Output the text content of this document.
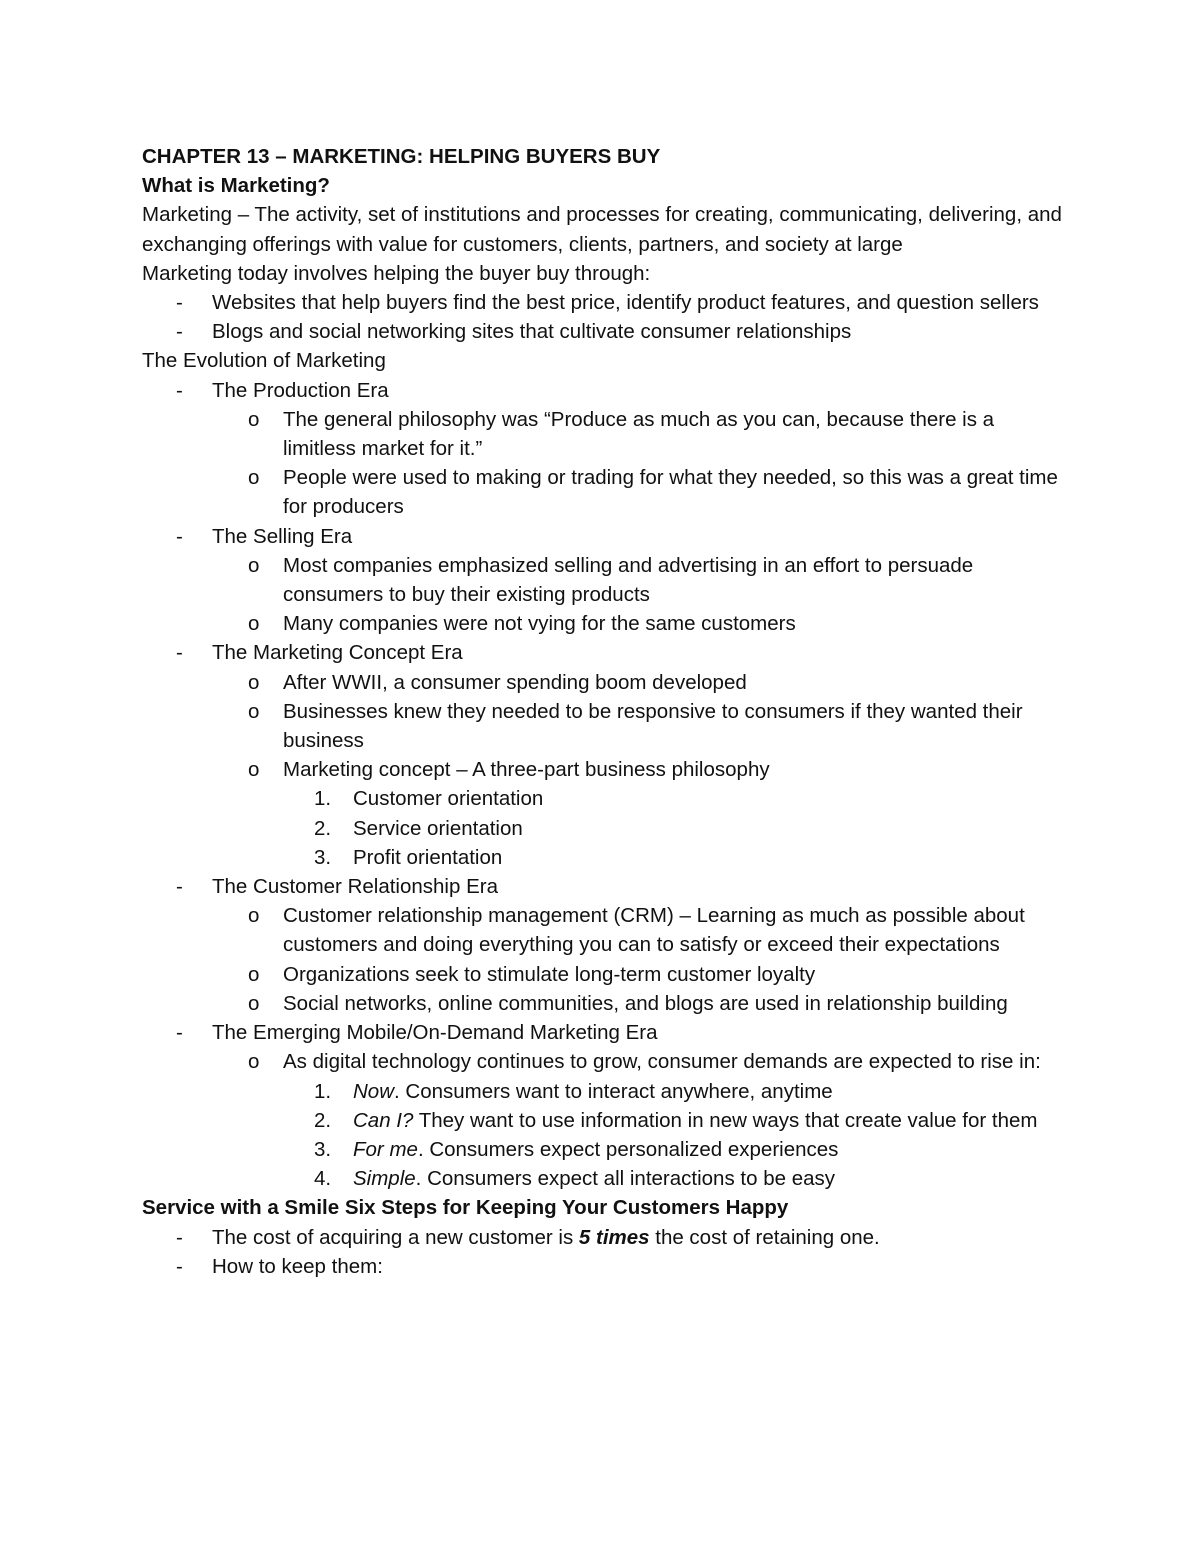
CHAPTER 13 – MARKETING: HELPING BUYERS BUY

What is Marketing?

Marketing – The activity, set of institutions and processes for creating, communicating, delivering, and exchanging offerings with value for customers, clients, partners, and society at large

Marketing today involves helping the buyer buy through:

- Websites that help buyers find the best price, identify product features, and question sellers
- Blogs and social networking sites that cultivate consumer relationships

The Evolution of Marketing

- The Production Era
o The general philosophy was “Produce as much as you can, because there is a limitless market for it.”
o People were used to making or trading for what they needed, so this was a great time for producers
- The Selling Era
o Most companies emphasized selling and advertising in an effort to persuade consumers to buy their existing products
o Many companies were not vying for the same customers
- The Marketing Concept Era
o After WWII, a consumer spending boom developed
o Businesses knew they needed to be responsive to consumers if they wanted their business
o Marketing concept – A three-part business philosophy
1. Customer orientation
2. Service orientation
3. Profit orientation
- The Customer Relationship Era
o Customer relationship management (CRM) – Learning as much as possible about customers and doing everything you can to satisfy or exceed their expectations
o Organizations seek to stimulate long-term customer loyalty
o Social networks, online communities, and blogs are used in relationship building
- The Emerging Mobile/On-Demand Marketing Era
o As digital technology continues to grow, consumer demands are expected to rise in:
1. Now. Consumers want to interact anywhere, anytime
2. Can I? They want to use information in new ways that create value for them
3. For me. Consumers expect personalized experiences
4. Simple. Consumers expect all interactions to be easy

Service with a Smile Six Steps for Keeping Your Customers Happy

- The cost of acquiring a new customer is 5 times the cost of retaining one.
- How to keep them:
